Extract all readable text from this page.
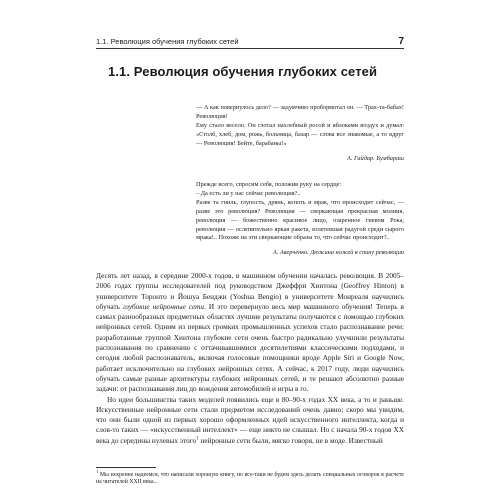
1.1. Революция обучения глубоких сетей	7
1.1. Революция обучения глубоких сетей

— А как повернулось дело? — задумчиво пробормотал он. — Трах-та-бабах! Революция!

Ему стало весело. Он глотал нахлебный росой и яблоками воздух и думал: «Столб, хлеб, дом, рожь, больница, базар — слова все знакомые, а то вдруг — Революция! Бейте, барабаны!»

А. Гайдар. Бумбараш

Прежде всего, спросим себя, положив руку на сердце:

– Да есть ли у нас сейчас революция?..

Разве та гниль, глупость, дрянь, копоть и мрак, что происходит сейчас, — разве это революция? Революция — сверкающая прекрасная молния, революция — божественно красивое лицо, озаренное гневом Рока, революция — ослепительно яркая ракета, взлетевшая радугой среди сырого мрака!.. Похоже на эти сверкающие образы то, что сейчас происходит?..

А. Аверченко. Дюжина ножей в спину революции

Десять лет назад, в середине 2000-х годов, в машинном обучении началась революция. В 2005–2006 годах группы исследователей под руководством Джеффри Хинтона (Geoffrey Hinton) в университете Торонто и Йошуа Бенджи (Yoshua Bengio) в университете Монреаля научились обучать глубокие нейронные сети. И это перевернуло весь мир машинного обучения! Теперь в самых разнообразных предметных областях лучшие результаты получаются с помощью глубоких нейронных сетей. Одним из первых громких промышленных успехов стало распознавание речи: разработанные группой Хинтона глубокие сети очень быстро радикально улучшили результаты распознавания по сравнению с оттачивавшимися десятилетиями классическими подходами, и сегодня любой распознаватель, включая голосовые помощники вроде Apple Siri и Google Now, работает исключительно на глубоких нейронных сетях. А сейчас, к 2017 году, люди научились обучать самые разные архитектуры глубоких нейронных сетей, и те решают абсолютно разные задачи: от распознавания лиц до вождения автомобилей и игры в го.

Но идеи большинства таких моделей появились еще в 80–90-х годах XX века, а то и раньше. Искусственные нейронные сети стали предметом исследований очень давно; скоро мы увидим, что они были одной из первых хорошо оформленных идей искусственного интеллекта, когда и слов-то таких — «искусственный интеллект» — еще никто не слышал. Но с начала 90-х годов XX века до середины нулевых этого$^1$ нейронные сети были, мягко говоря, не в моде. Известный

$^1$ Мы искренне надеемся, что написали хорошую книгу, но все-таки не будем здесь делать специальных оговорок в расчете на читателей XXII века...
